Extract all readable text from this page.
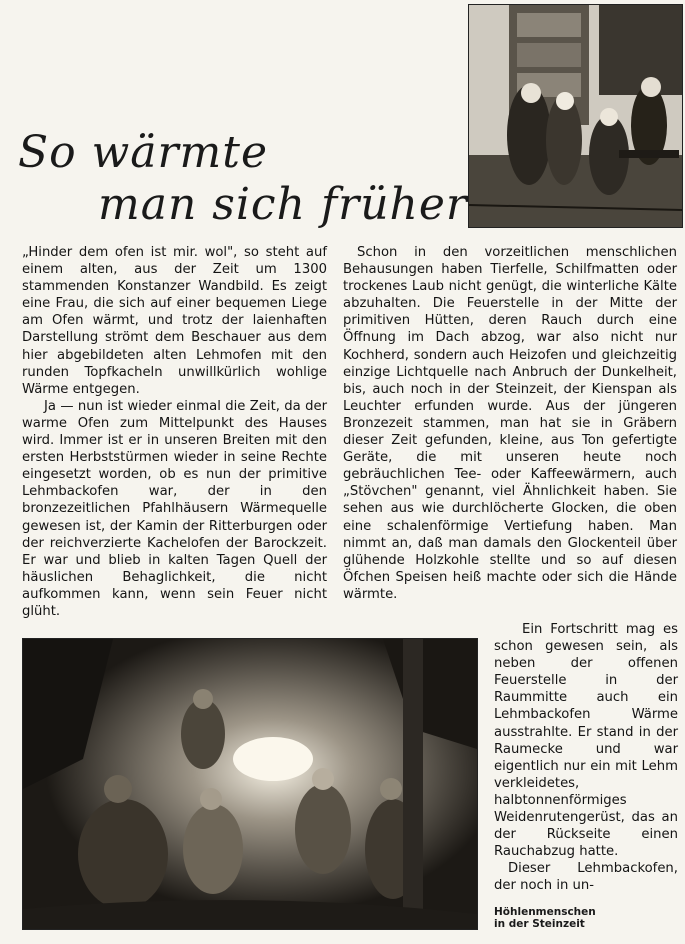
So wärmte
man sich früher

„Hinder dem ofen ist mir. wol", so steht auf einem alten, aus der Zeit um 1300 stammenden Konstanzer Wandbild. Es zeigt eine Frau, die sich auf einer bequemen Liege am Ofen wärmt, und trotz der laienhaften Darstellung strömt dem Beschauer aus dem hier abgebildeten alten Lehmofen mit den runden Topfkacheln unwillkürlich wohlige Wärme entgegen.

Ja — nun ist wieder einmal die Zeit, da der warme Ofen zum Mittelpunkt des Hauses wird. Immer ist er in unseren Breiten mit den ersten Herbststürmen wieder in seine Rechte eingesetzt worden, ob es nun der primitive Lehmbackofen war, der in den bronzezeitlichen Pfahlhäusern Wärmequelle gewesen ist, der Kamin der Ritterburgen oder der reichverzierte Kachelofen der Barockzeit. Er war und blieb in kalten Tagen Quell der häuslichen Behaglichkeit, die nicht aufkommen kann, wenn sein Feuer nicht glüht.

Schon in den vorzeitlichen menschlichen Behausungen haben Tierfelle, Schilfmatten oder trockenes Laub nicht genügt, die winterliche Kälte abzuhalten. Die Feuerstelle in der Mitte der primitiven Hütten, deren Rauch durch eine Öffnung im Dach abzog, war also nicht nur Kochherd, sondern auch Heizofen und gleichzeitig einzige Lichtquelle nach Anbruch der Dunkelheit, bis, auch noch in der Steinzeit, der Kienspan als Leuchter erfunden wurde. Aus der jüngeren Bronzezeit stammen, man hat sie in Gräbern dieser Zeit gefunden, kleine, aus Ton gefertigte Geräte, die mit unseren heute noch gebräuchlichen Tee- oder Kaffeewärmern, auch „Stövchen" genannt, viel Ähnlichkeit haben. Sie sehen aus wie durchlöcherte Glocken, die oben eine schalenförmige Vertiefung haben. Man nimmt an, daß man damals den Glockenteil über glühende Holzkohle stellte und so auf diesen Öfchen Speisen heiß machte oder sich die Hände wärmte.

Ein Fortschritt mag es schon gewesen sein, als neben der offenen Feuerstelle in der Raummitte auch ein Lehmbackofen Wärme ausstrahlte. Er stand in der Raumecke und war eigentlich nur ein mit Lehm verkleidetes, halbtonnenförmiges Weidenrutengerüst, das an der Rückseite einen Rauchabzug hatte.

Dieser Lehmbackofen, der noch in un-

Höhlenmenschen
in der Steinzeit
